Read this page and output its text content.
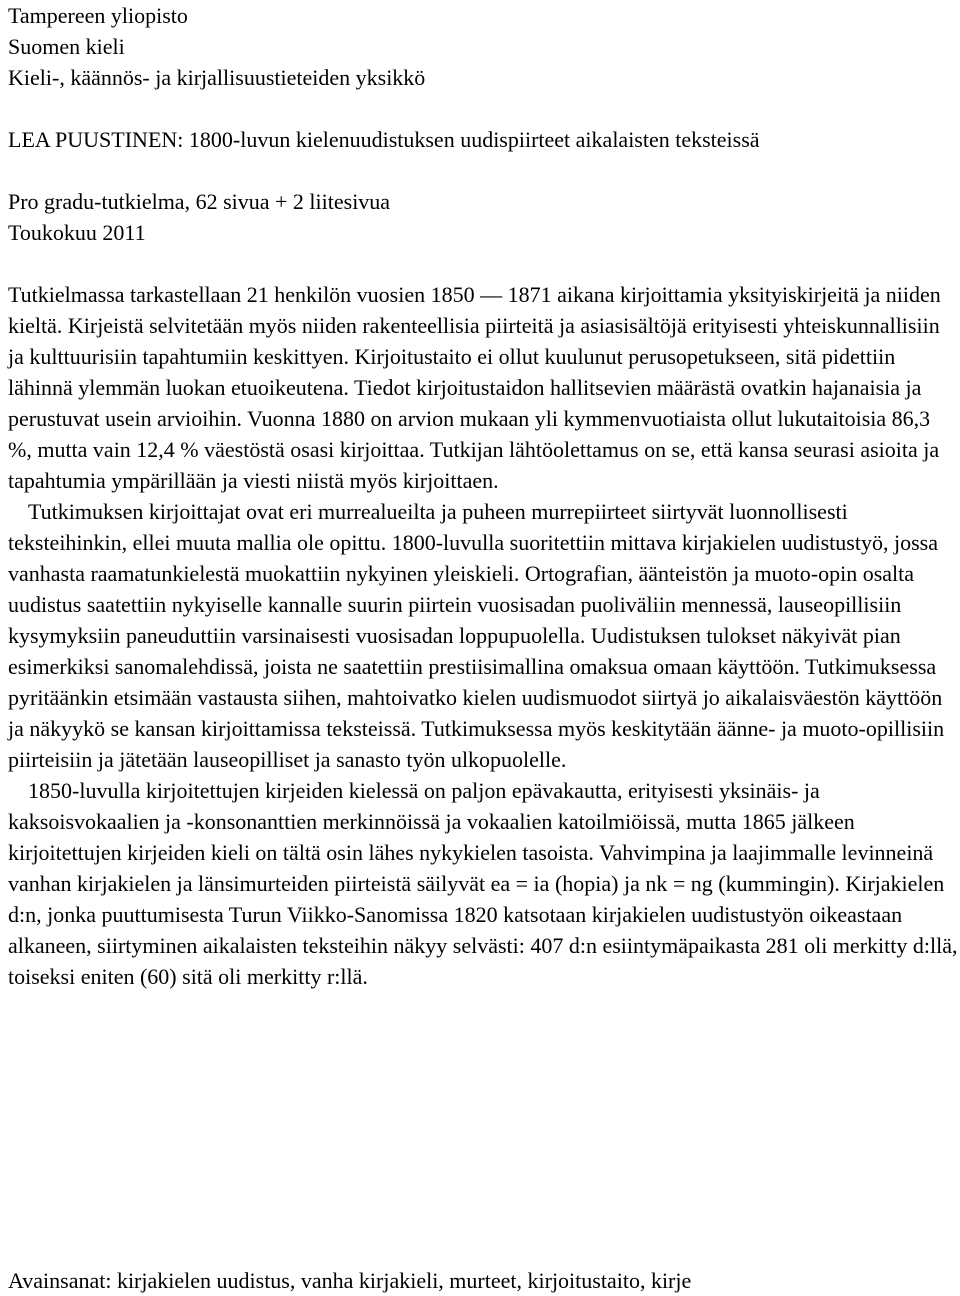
Tampereen yliopisto

Suomen kieli

Kieli-, käännös- ja kirjallisuustieteiden yksikkö

LEA PUUSTINEN: 1800-luvun kielenuudistuksen uudispiirteet aikalaisten teksteissä

Pro gradu-tutkielma, 62 sivua + 2 liitesivua

Toukokuu 2011

Tutkielmassa tarkastellaan 21 henkilön vuosien 1850 — 1871 aikana kirjoittamia yksityiskirjeitä ja niiden kieltä. Kirjeistä selvitetään myös niiden rakenteellisia piirteitä ja asiasisältöjä erityisesti yhteiskunnallisiin ja kulttuurisiin tapahtumiin keskittyen. Kirjoitustaito ei ollut kuulunut perusopetukseen, sitä pidettiin lähinnä ylemmän luokan etuoikeutena. Tiedot kirjoitustaidon hallitsevien määrästä ovatkin hajanaisia ja perustuvat usein arvioihin. Vuonna 1880 on arvion mukaan yli kymmenvuotiaista ollut lukutaitoisia 86,3 %, mutta vain 12,4 % väestöstä osasi kirjoittaa. Tutkijan lähtöolettamus on se, että kansa seurasi asioita ja tapahtumia ympärillään ja viesti niistä myös kirjoittaen.

Tutkimuksen kirjoittajat ovat eri murrealueilta ja puheen murrepiirteet siirtyvät luonnollisesti teksteihinkin, ellei muuta mallia ole opittu. 1800-luvulla suoritettiin mittava kirjakielen uudistustyö, jossa vanhasta raamatunkielestä muokattiin nykyinen yleiskieli. Ortografian, äänteistön ja muoto-opin osalta uudistus saatettiin nykyiselle kannalle suurin piirtein vuosisadan puoliväliin mennessä, lauseopillisiin kysymyksiin paneuduttiin varsinaisesti vuosisadan loppupuolella. Uudistuksen tulokset näkyivät pian esimerkiksi sanomalehdissä, joista ne saatettiin prestiisimallina omaksua omaan käyttöön. Tutkimuksessa pyritäänkin etsimään vastausta siihen, mahtoivatko kielen uudismuodot siirtyä jo aikalaisväestön käyttöön ja näkyykö se kansan kirjoittamissa teksteissä. Tutkimuksessa myös keskitytään äänne- ja muoto-opillisiin piirteisiin ja jätetään lauseopilliset ja sanasto työn ulkopuolelle.

1850-luvulla kirjoitettujen kirjeiden kielessä on paljon epävakautta, erityisesti yksinäis- ja kaksoisvokaalien ja -konsonanttien merkinnöissä ja vokaalien katoilmiöissä, mutta 1865 jälkeen kirjoitettujen kirjeiden kieli on tältä osin lähes nykykielen tasoista. Vahvimpina ja laajimmalle levinneinä vanhan kirjakielen ja länsimurteiden piirteistä säilyvät ea = ia (hopia) ja nk = ng (kummingin). Kirjakielen d:n, jonka puuttumisesta Turun Viikko-Sanomissa 1820 katsotaan kirjakielen uudistustyön oikeastaan alkaneen, siirtyminen aikalaisten teksteihin näkyy selvästi: 407 d:n esiintymäpaikasta 281 oli merkitty d:llä, toiseksi eniten (60) sitä oli merkitty r:llä.

Avainsanat: kirjakielen uudistus, vanha kirjakieli, murteet, kirjoitustaito, kirje
